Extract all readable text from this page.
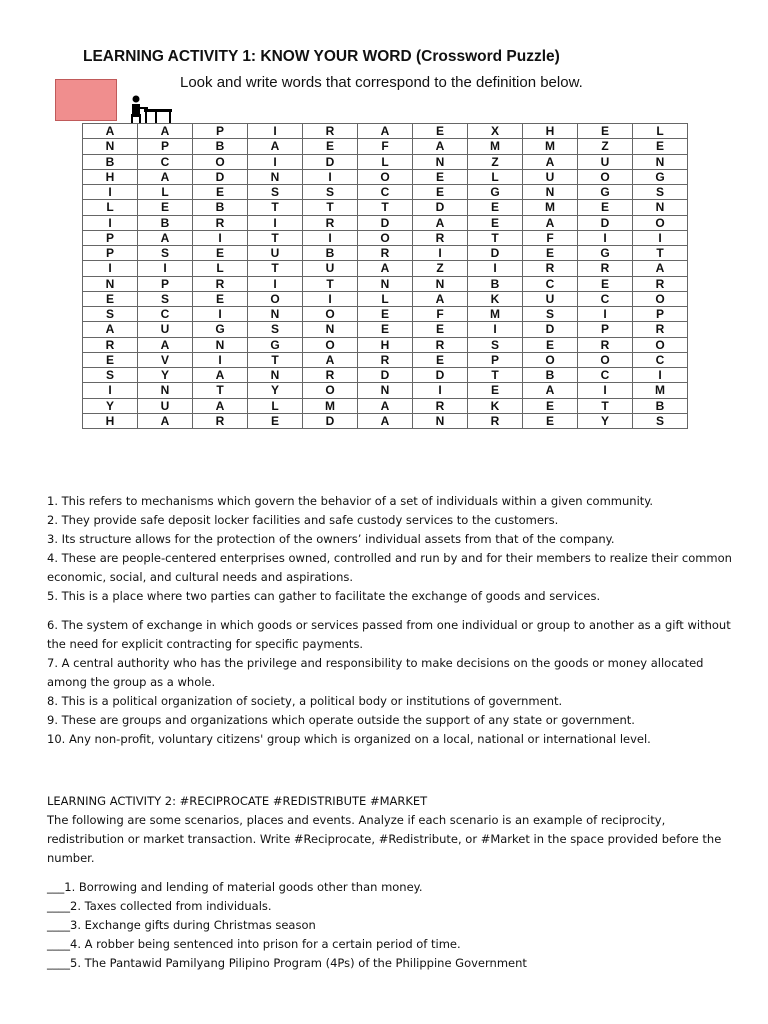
LEARNING ACTIVITY 1: KNOW YOUR WORD (Crossword Puzzle)
Look and write words that correspond to the definition below.
A	A	P	I	R	A	E	X	H	E	L
N	P	B	A	E	F	A	M	M	Z	E
B	C	O	I	D	L	N	Z	A	U	N
H	A	D	N	I	O	E	L	U	O	G
I	L	E	S	S	C	E	G	N	G	S
L	E	B	T	T	T	D	E	M	E	N
I	B	R	I	R	D	A	E	A	D	O
P	A	I	T	I	O	R	T	F	I	I
P	S	E	U	B	R	I	D	E	G	T
I	I	L	T	U	A	Z	I	R	R	A
N	P	R	I	T	N	N	B	C	E	R
E	S	E	O	I	L	A	K	U	C	O
S	C	I	N	O	E	F	M	S	I	P
A	U	G	S	N	E	E	I	D	P	R
R	A	N	G	O	H	R	S	E	R	O
E	V	I	T	A	R	E	P	O	O	C
S	Y	A	N	R	D	D	T	B	C	I
I	N	T	Y	O	N	I	E	A	I	M
Y	U	A	L	M	A	R	K	E	T	B
H	A	R	E	D	A	N	R	E	Y	S
1. This refers to mechanisms which govern the behavior of a set of individuals within a given community.
2. They provide safe deposit locker facilities and safe custody services to the customers.
3. Its structure allows for the protection of the owners’ individual assets from that of the company.
4. These are people-centered enterprises owned, controlled and run by and for their members to realize their common economic, social, and cultural needs and aspirations.
5. This is a place where two parties can gather to facilitate the exchange of goods and services.
6. The system of exchange in which goods or services passed from one individual or group to another as a gift without the need for explicit contracting for specific payments.
7. A central authority who has the privilege and responsibility to make decisions on the goods or money allocated among the group as a whole.
8. This is a political organization of society, a political body or institutions of government.
9. These are groups and organizations which operate outside the support of any state or government.
10. Any non-profit, voluntary citizens' group which is organized on a local, national or international level.
LEARNING ACTIVITY 2: #RECIPROCATE #REDISTRIBUTE #MARKET
The following are some scenarios, places and events. Analyze if each scenario is an example of reciprocity, redistribution or market transaction. Write #Reciprocate, #Redistribute, or #Market in the space provided before the number.
___1. Borrowing and lending of material goods other than money.
____2. Taxes collected from individuals.
____3. Exchange gifts during Christmas season
____4. A robber being sentenced into prison for a certain period of time.
____5. The Pantawid Pamilyang Pilipino Program (4Ps) of the Philippine Government
